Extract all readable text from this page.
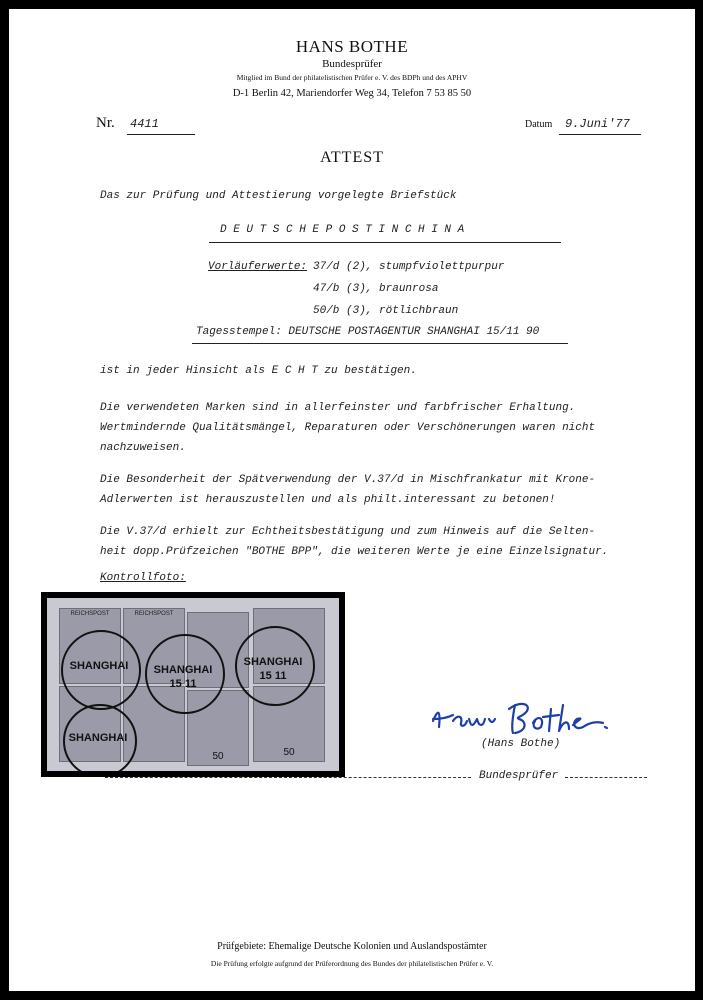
HANS BOTHE
Bundesprüfer
Mitglied im Bund der philatelistischen Prüfer e. V. des BDPh und des APHV
D-1 Berlin 42, Mariendorfer Weg 34, Telefon 7 53 85 50
Nr. 4411	Datum 9.Juni'77
ATTEST
Das zur Prüfung und Attestierung vorgelegte Briefstück
D E U T S C H E P O S T I N C H I N A
Vorläuferwerte: 37/d (2), stumpfviolettpurpur
47/b (3), braunrosa
50/b (3), rötlichbraun
Tagesstempel: DEUTSCHE POSTAGENTUR SHANGHAI 15/11 90
ist in jeder Hinsicht als E C H T zu bestätigen.
Die verwendeten Marken sind in allerfeinster und farbfrischer Erhaltung.
Wertmindernde Qualitätsmängel, Reparaturen oder Verschönerungen waren nicht
nachzuweisen.
Die Besonderheit der Spätverwendung der V.37/d in Mischfrankatur mit Krone-
Adlerwerten ist herauszustellen und als philt.interessant zu betonen!
Die V.37/d erhielt zur Echtheitsbestätigung und zum Hinweis auf die Selten-
heit dopp.Prüfzeichen "BOTHE BPP", die weiteren Werte je eine Einzelsignatur.
Kontrollfoto:
REICHSPOST	REICHSPOST
50	50
SHANGHAI	SHANGHAI
SHANGHAI
15 11
15 11
SHANGHAI	(Hans Bothe)
Bundesprüfer
Prüfgebiete: Ehemalige Deutsche Kolonien und Auslandspostämter
Die Prüfung erfolgte aufgrund der Prüferordnung des Bundes der philatelistischen Prüfer e. V.
